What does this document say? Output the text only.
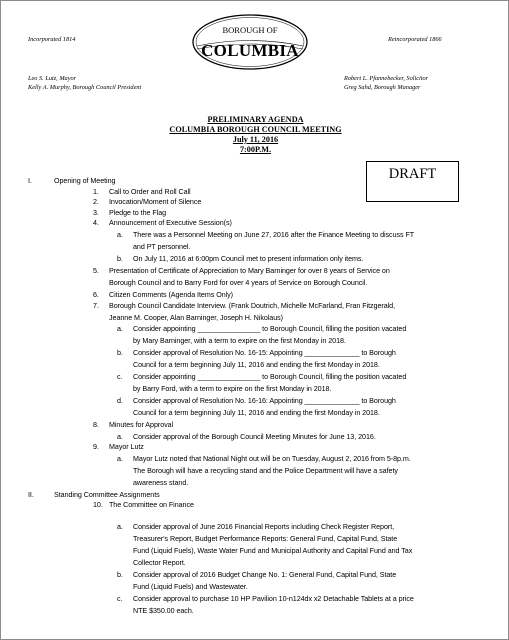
Incorporated 1814	Reincorporated 1866
BOROUGH OF
COLUMBIA
Leo S. Lutz, Mayor
Kelly A. Murphy, Borough Council President
Robert L. Pfannebecker, Solicitor
Greg Sahd, Borough Manager
PRELIMINARY AGENDA
COLUMBIA BOROUGH COUNCIL MEETING
July 11, 2016
7:00P.M.
DRAFT
I.	Opening of Meeting
1. Call to Order and Roll Call
2. Invocation/Moment of Silence
3. Pledge to the Flag
4. Announcement of Executive Session(s)
a. There was a Personnel Meeting on June 27, 2016 after the Finance Meeting to discuss FT
and PT personnel.
b. On July 11, 2016 at 6:00pm Council met to present information only items.
5. Presentation of Certificate of Appreciation to Mary Barninger for over 8 years of Service on
Borough Council and to Barry Ford for over 4 years of Service on Borough Council.
6. Citizen Comments (Agenda Items Only)
7. Borough Council Candidate Interview. (Frank Doutrich, Michelle McFarland, Fran Fitzgerald,
Jeanne M. Cooper, Alan Barninger, Joseph H. Nikolaus)
a. Consider appointing ________________ to Borough Council, filling the position vacated
by Mary Barninger, with a term to expire on the first Monday in 2018.
b. Consider approval of Resolution No. 16-15: Appointing ______________ to Borough
Council for a term beginning July 11, 2016 and ending the first Monday in 2018.
c. Consider appointing ________________ to Borough Council, filling the position vacated
by Barry Ford, with a term to expire on the first Monday in 2018.
d. Consider approval of Resolution No. 16-16: Appointing ______________ to Borough
Council for a term beginning July 11, 2016 and ending the first Monday in 2018.
8. Minutes for Approval
a. Consider approval of the Borough Council Meeting Minutes for June 13, 2016.
9. Mayor Lutz
a. Mayor Lutz noted that National Night out will be on Tuesday, August 2, 2016 from 5-8p.m.
The Borough will have a recycling stand and the Police Department will have a safety
awareness stand.
II.	Standing Committee Assignments
10. The Committee on Finance
a. Consider approval of June 2016 Financial Reports including Check Register Report,
Treasurer's Report, Budget Performance Reports: General Fund, Capital Fund, State
Fund (Liquid Fuels), Waste Water Fund and Municipal Authority and Capital Fund and Tax
Collector Report.
b. Consider approval of 2016 Budget Change No. 1: General Fund, Capital Fund, State
Fund (Liquid Fuels) and Wastewater.
c. Consider approval to purchase 10 HP Pavilion 10-n124dx x2 Detachable Tablets at a price
NTE $350.00 each.
